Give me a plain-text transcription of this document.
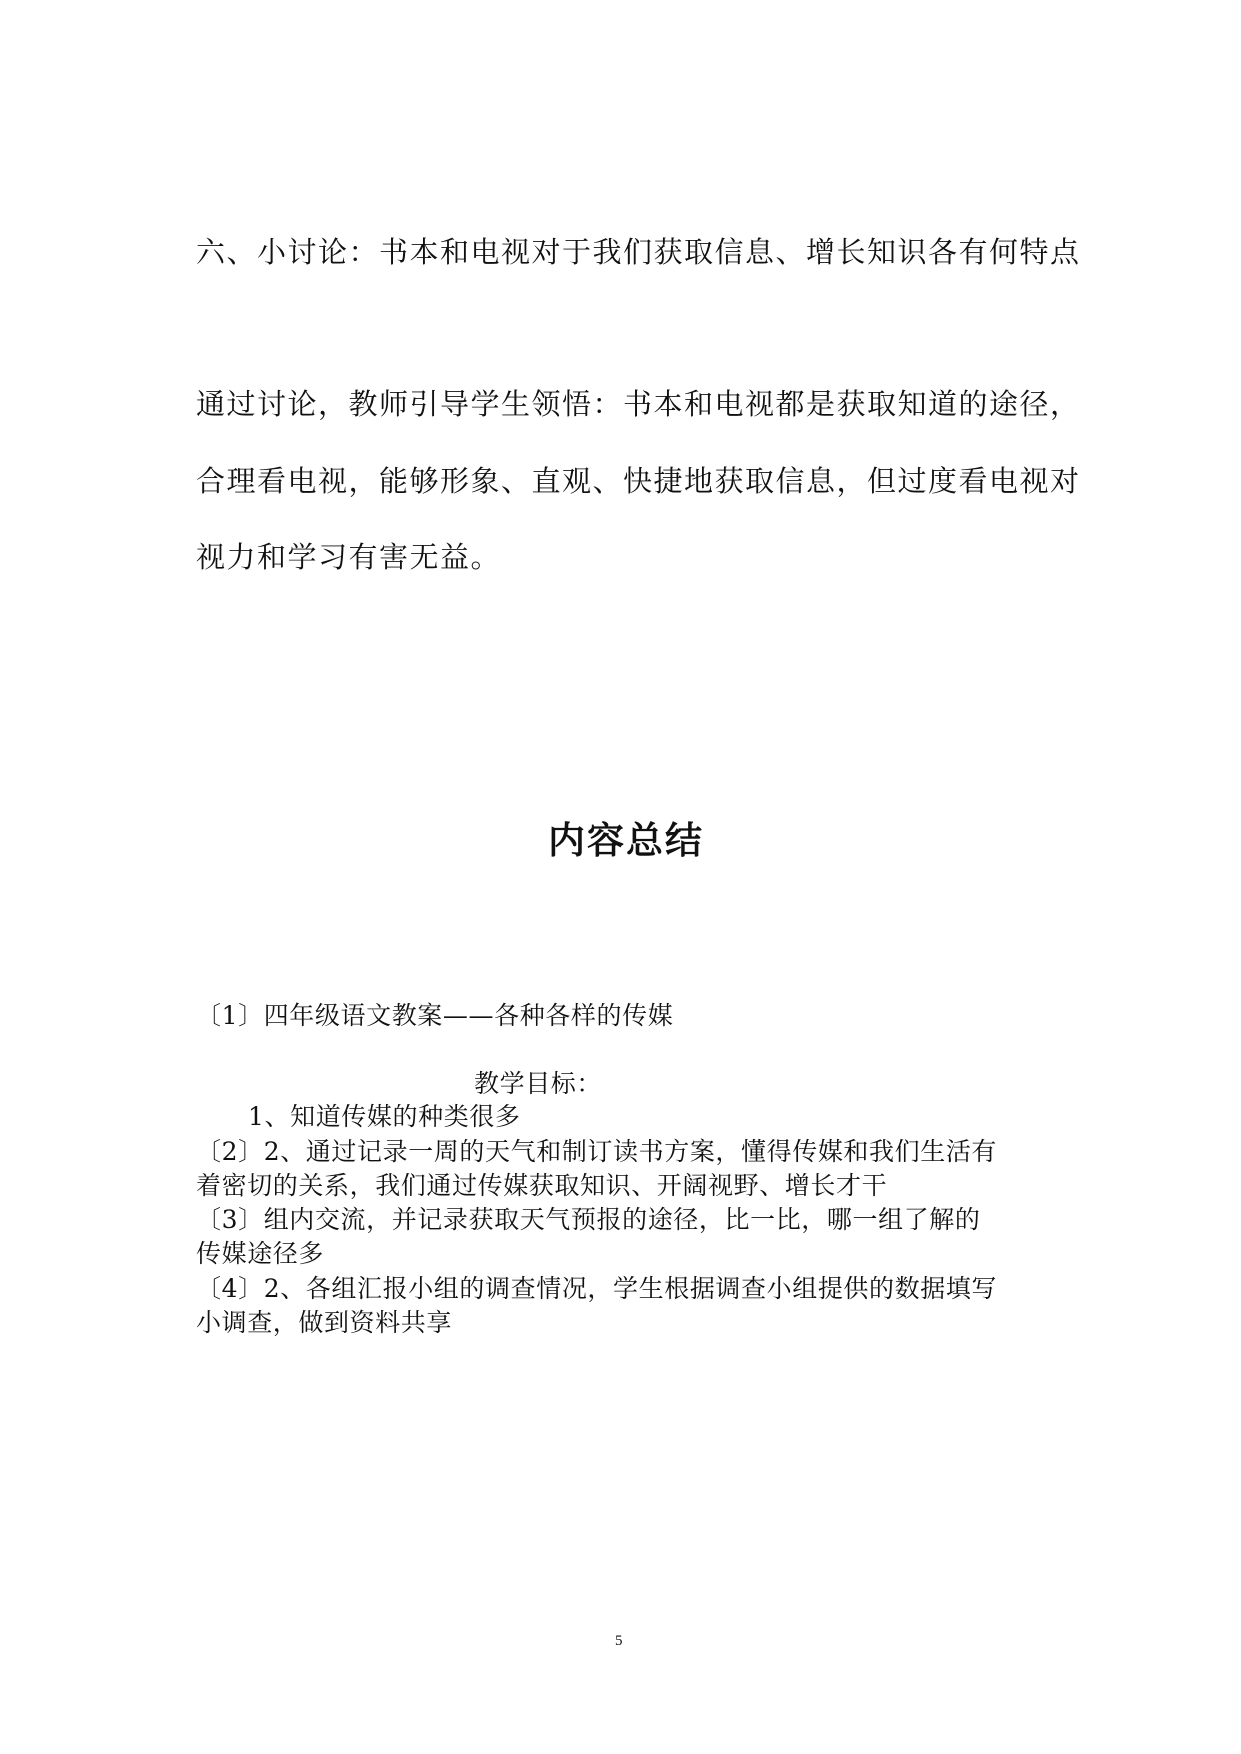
六、小讨论：书本和电视对于我们获取信息、增长知识各有何特点
通过讨论，教师引导学生领悟：书本和电视都是获取知道的途径，
合理看电视，能够形象、直观、快捷地获取信息，但过度看电视对
视力和学习有害无益。
内容总结
〔1〕四年级语文教案——各种各样的传媒
教学目标：
1、知道传媒的种类很多
〔2〕2、通过记录一周的天气和制订读书方案，懂得传媒和我们生活有
着密切的关系，我们通过传媒获取知识、开阔视野、增长才干
〔3〕组内交流，并记录获取天气预报的途径，比一比，哪一组了解的
传媒途径多
〔4〕2、各组汇报小组的调查情况，学生根据调查小组提供的数据填写
小调查，做到资料共享
5
